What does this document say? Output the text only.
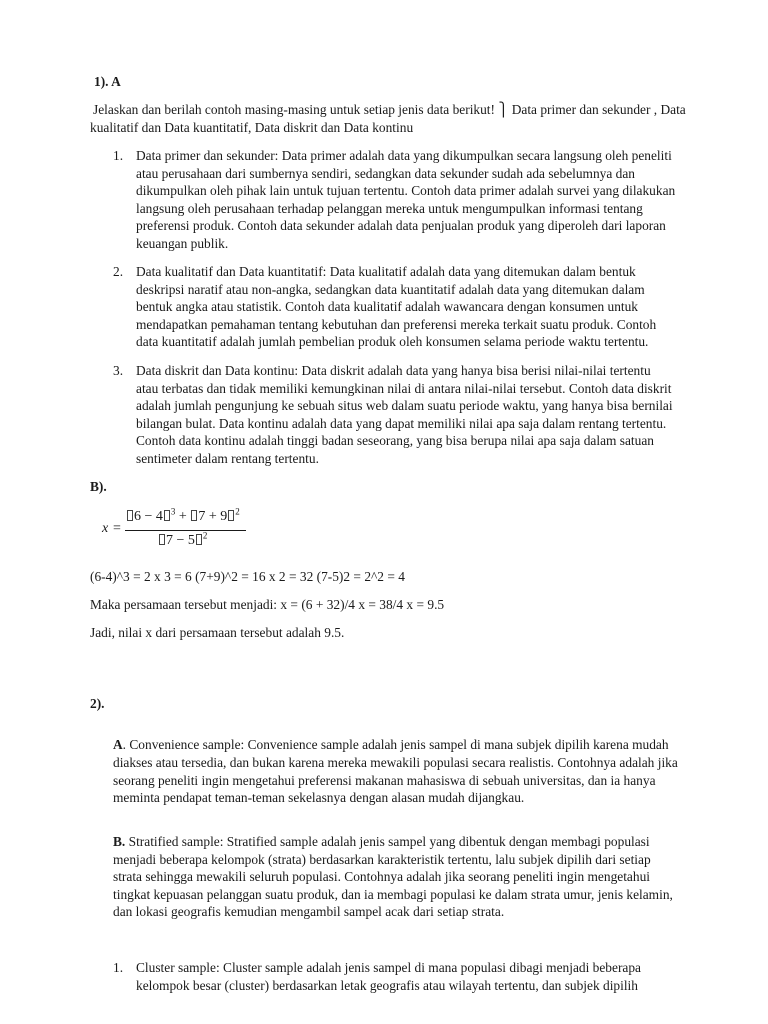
1). A

Jelaskan dan berilah contoh masing-masing untuk setiap jenis data berikut! ⎫ Data primer dan sekunder , Data kualitatif dan Data kuantitatif, Data diskrit dan Data kontinu

1. Data primer dan sekunder: Data primer adalah data yang dikumpulkan secara langsung oleh peneliti atau perusahaan dari sumbernya sendiri, sedangkan data sekunder sudah ada sebelumnya dan dikumpulkan oleh pihak lain untuk tujuan tertentu. Contoh data primer adalah survei yang dilakukan langsung oleh perusahaan terhadap pelanggan mereka untuk mengumpulkan informasi tentang preferensi produk. Contoh data sekunder adalah data penjualan produk yang diperoleh dari laporan keuangan publik.
2. Data kualitatif dan Data kuantitatif: Data kualitatif adalah data yang ditemukan dalam bentuk deskripsi naratif atau non-angka, sedangkan data kuantitatif adalah data yang ditemukan dalam bentuk angka atau statistik. Contoh data kualitatif adalah wawancara dengan konsumen untuk mendapatkan pemahaman tentang kebutuhan dan preferensi mereka terkait suatu produk. Contoh data kuantitatif adalah jumlah pembelian produk oleh konsumen selama periode waktu tertentu.
3. Data diskrit dan Data kontinu: Data diskrit adalah data yang hanya bisa berisi nilai-nilai tertentu atau terbatas dan tidak memiliki kemungkinan nilai di antara nilai-nilai tersebut. Contoh data diskrit adalah jumlah pengunjung ke sebuah situs web dalam suatu periode waktu, yang hanya bisa bernilai bilangan bulat. Data kontinu adalah data yang dapat memiliki nilai apa saja dalam rentang tertentu. Contoh data kontinu adalah tinggi badan seseorang, yang bisa berupa nilai apa saja dalam satuan sentimeter dalam rentang tertentu.

B).

x =
6 − 4 $^3$ + 7 + 9 $^2$
7 − 5 $^2$

(6-4)^3 = 2 x 3 = 6 (7+9)^2 = 16 x 2 = 32 (7-5)2 = 2^2 = 4

Maka persamaan tersebut menjadi: x = (6 + 32)/4 x = 38/4 x = 9.5

Jadi, nilai x dari persamaan tersebut adalah 9.5.

2).

A. Convenience sample: Convenience sample adalah jenis sampel di mana subjek dipilih karena mudah diakses atau tersedia, dan bukan karena mereka mewakili populasi secara realistis. Contohnya adalah jika seorang peneliti ingin mengetahui preferensi makanan mahasiswa di sebuah universitas, dan ia hanya meminta pendapat teman-teman sekelasnya dengan alasan mudah dijangkau.

B. Stratified sample: Stratified sample adalah jenis sampel yang dibentuk dengan membagi populasi menjadi beberapa kelompok (strata) berdasarkan karakteristik tertentu, lalu subjek dipilih dari setiap strata sehingga mewakili seluruh populasi. Contohnya adalah jika seorang peneliti ingin mengetahui tingkat kepuasan pelanggan suatu produk, dan ia membagi populasi ke dalam strata umur, jenis kelamin, dan lokasi geografis kemudian mengambil sampel acak dari setiap strata.

1. Cluster sample: Cluster sample adalah jenis sampel di mana populasi dibagi menjadi beberapa kelompok besar (cluster) berdasarkan letak geografis atau wilayah tertentu, dan subjek dipilih
